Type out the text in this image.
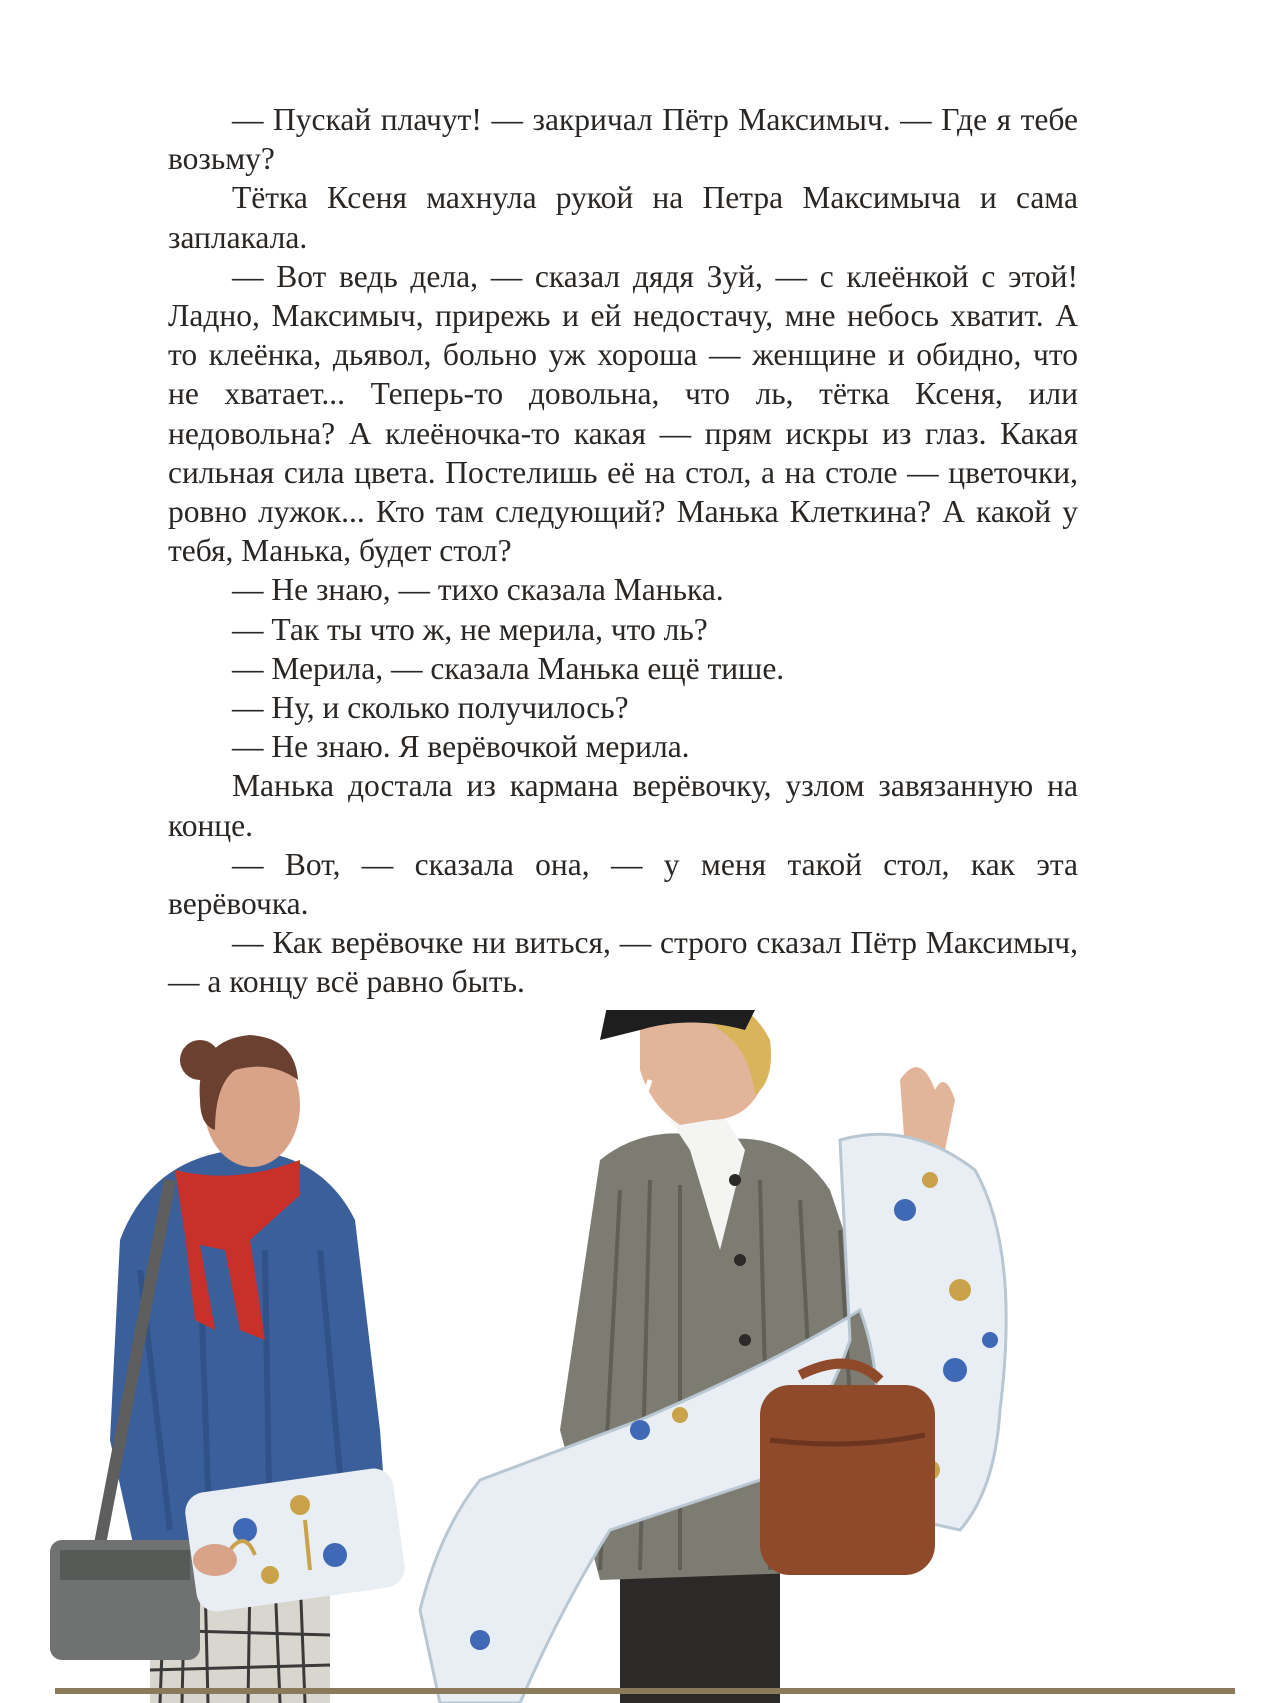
— Пускай плачут! — закричал Пётр Максимыч. — Где я тебе возьму?

Тётка Ксеня махнула рукой на Петра Максимыча и сама заплакала.

— Вот ведь дела, — сказал дядя Зуй, — с клеёнкой с этой! Ладно, Максимыч, прирежь и ей недостачу, мне небось хватит. А то клеёнка, дьявол, больно уж хороша — женщине и обидно, что не хватает... Теперь-то довольна, что ль, тётка Ксеня, или недовольна? А клеёночка-то какая — прям искры из глаз. Какая сильная сила цвета. Постелишь её на стол, а на столе — цветочки, ровно лужок... Кто там следующий? Манька Клеткина? А какой у тебя, Манька, будет стол?

— Не знаю, — тихо сказала Манька.

— Так ты что ж, не мерила, что ль?

— Мерила, — сказала Манька ещё тише.

— Ну, и сколько получилось?

— Не знаю. Я верёвочкой мерила.

Манька достала из кармана верёвочку, узлом завязанную на конце.

— Вот, — сказала она, — у меня такой стол, как эта верёвочка.

— Как верёвочке ни виться, — строго сказал Пётр Максимыч, — а концу всё равно быть.
